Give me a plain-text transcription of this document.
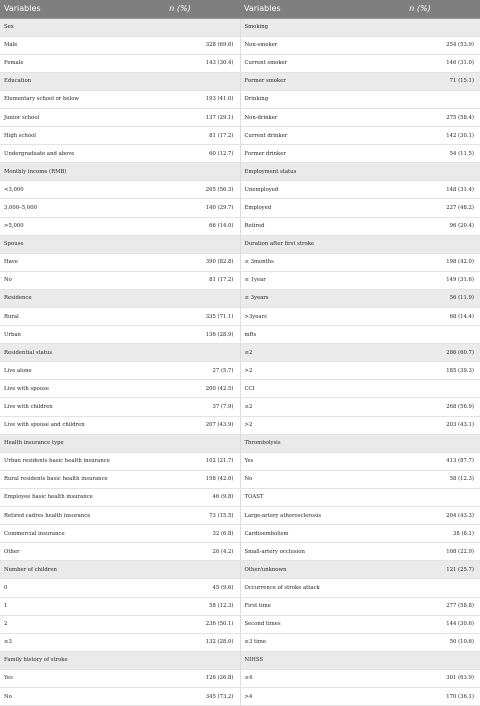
Variables	n (%)	Variables	n (%)
Sex		Smoking	
Male	328 (69.6)	Non-smoker	254 (53.9)
Female	143 (30.4)	Current smoker	146 (31.0)
Education		Former smoker	71 (15.1)
Elementary school or below	193 (41.0)	Drinking	
Junior school	137 (29.1)	Non-drinker	275 (58.4)
High school	81 (17.2)	Current drinker	142 (30.1)
Undergraduate and above	60 (12.7)	Former drinker	54 (11.5)
Monthly income (RMB)		Employment status	
<3,000	265 (56.3)	Unemployed	148 (31.4)
3,000–5,000	140 (29.7)	Employed	227 (48.2)
>5,000	66 (14.0)	Retired	96 (20.4)
Spouse		Duration after first stroke	
Have	390 (82.8)	≤ 3months	198 (42.0)
No	81 (17.2)	≤ 1year	149 (31.6)
Residence		≤ 3years	56 (11.9)
Rural	335 (71.1)	>3years	68 (14.4)
Urban	136 (28.9)	mRs	
Residential status		≤2	286 (60.7)
Live alone	27 (5.7)	>2	185 (39.3)
Live with spouse	200 (42.5)	CCI	
Live with children	37 (7.9)	≤2	268 (56.9)
Live with spouse and children	207 (43.9)	>2	203 (43.1)
Health insurance type		Thrombolysis	
Urban residents basic health insurance	102 (21.7)	Yes	413 (87.7)
Rural residents basic health insurance	198 (42.0)	No	58 (12.3)
Employee basic health insurance	46 (9.8)	TOAST	
Retired cadres health insurance	73 (15.5)	Large-artery atherosclerosis	204 (43.3)
Commercial insurance	32 (6.8)	Cardioembolism	38 (8.1)
Other	20 (4.2)	Small-artery occlusion	108 (22.9)
Number of children		Other/unknown	121 (25.7)
0	45 (9.6)	Occurrence of stroke attack	
1	58 (12.3)	First time	277 (58.8)
2	236 (50.1)	Second times	144 (30.6)
≥3	132 (28.0)	≥3 time	50 (10.6)
Family history of stroke		NIHSS	
Yes	126 (26.8)	≤4	301 (63.9)
No	345 (73.2)	>4	170 (36.1)
